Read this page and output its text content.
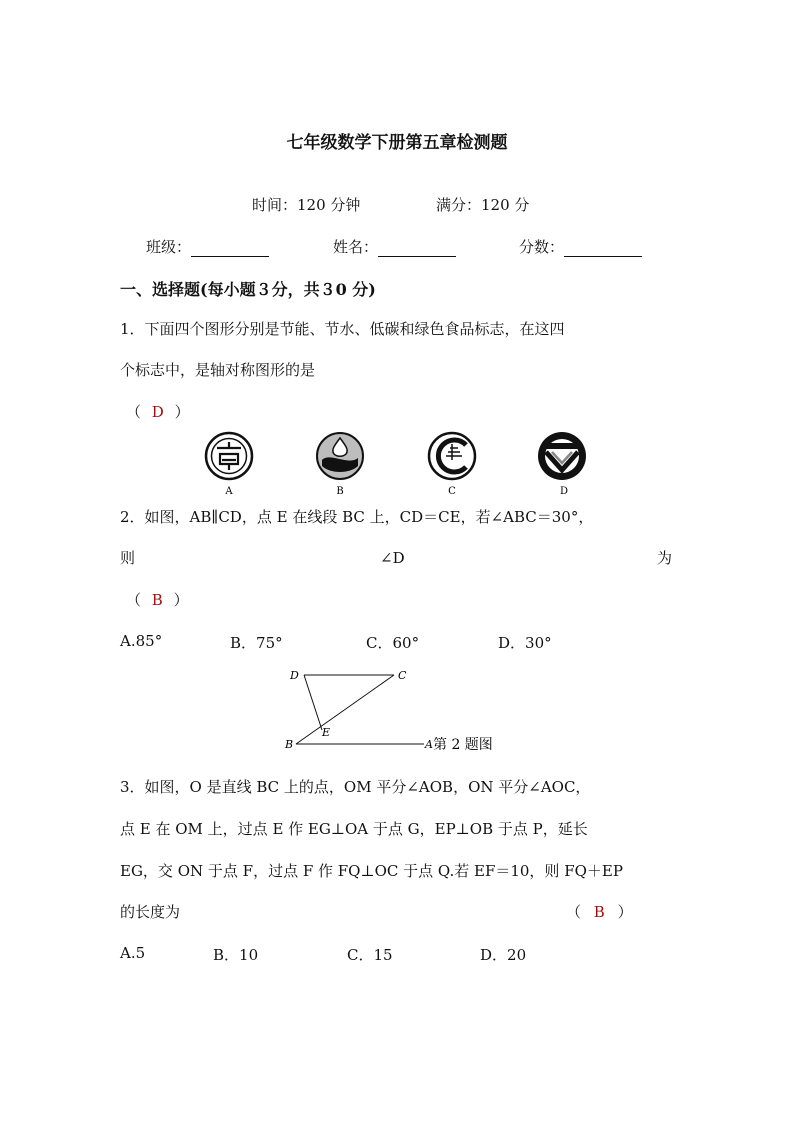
七年级数学下册第五章检测题
时间：120 分钟	满分：120 分
班级：	姓名：	分数：
一、选择题(每小题３分，共３0 分)
1．下面四个图形分别是节能、节水、低碳和绿色食品标志，在这四
个标志中，是轴对称图形的是
（ D ）
A	B	C	D
2．如图，AB∥CD，点 E 在线段 BC 上，CD＝CE，若∠ABC＝30°，
则	∠D	为
（ B ）
A.85°	B．75°	C．60°	D．30°
D	C
E
B	A 第 2 题图
3．如图，O 是直线 BC 上的点，OM 平分∠AOB，ON 平分∠AOC，
点 E 在 OM 上，过点 E 作 EG⊥OA 于点 G，EP⊥OB 于点 P，延长
EG，交 ON 于点 F，过点 F 作 FQ⊥OC 于点 Q.若 EF＝10，则 FQ＋EP
的长度为	（ B ）
A.5	B．10	C．15	D．20
